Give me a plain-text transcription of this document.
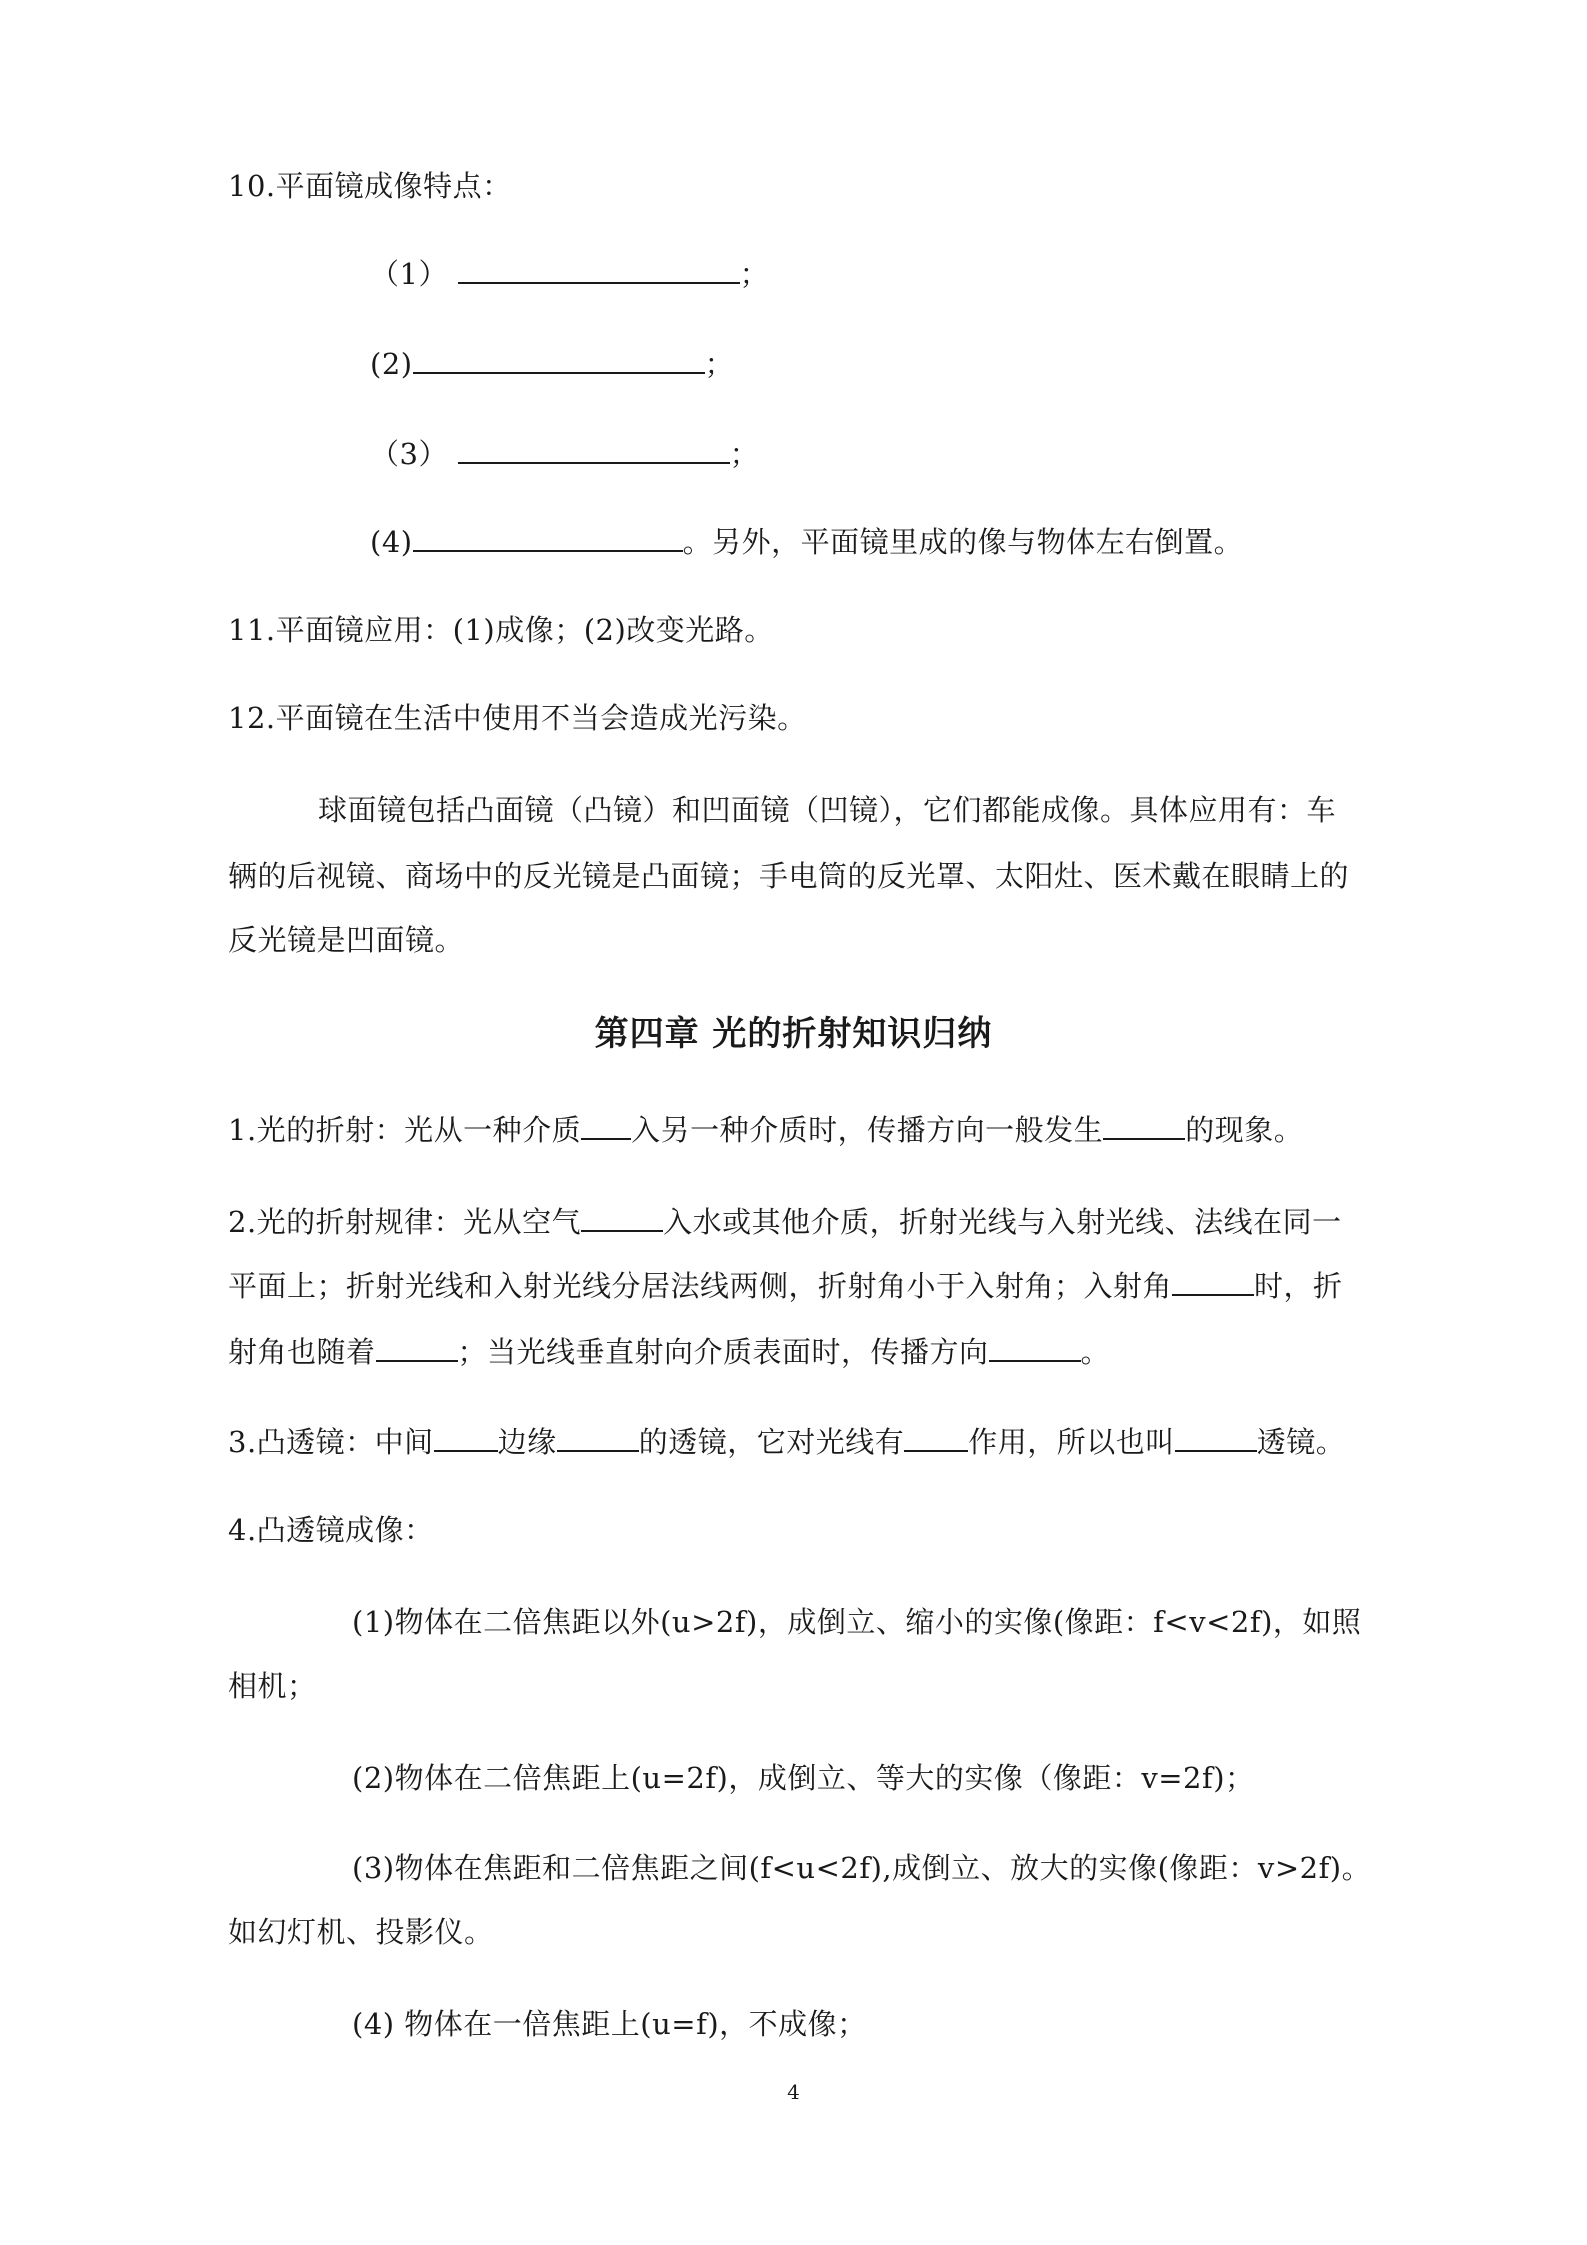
10.平面镜成像特点：
（1）	；
(2)	；
（3）	；
(4)	。另外，平面镜里成的像与物体左右倒置。
11.平面镜应用：(1)成像；(2)改变光路。
12.平面镜在生活中使用不当会造成光污染。
球面镜包括凸面镜（凸镜）和凹面镜（凹镜），它们都能成像。具体应用有：车
辆的后视镜、商场中的反光镜是凸面镜；手电筒的反光罩、太阳灶、医术戴在眼睛上的
反光镜是凹面镜。
第四章 光的折射知识归纳
1.光的折射：光从一种介质 入另一种介质时，传播方向一般发生	的现象。
2.光的折射规律：光从空气	入水或其他介质，折射光线与入射光线、法线在同一
平面上；折射光线和入射光线分居法线两侧，折射角小于入射角；入射角	时，折
射角也随着	；当光线垂直射向介质表面时，传播方向	。
3.凸透镜：中间 边缘	的透镜，它对光线有 作用，所以也叫	透镜。
4.凸透镜成像：
(1)物体在二倍焦距以外(u>2f)，成倒立、缩小的实像(像距：f<v<2f)，如照
相机；
(2)物体在二倍焦距上(u=2f)，成倒立、等大的实像（像距：v=2f)；
(3)物体在焦距和二倍焦距之间(f<u<2f),成倒立、放大的实像(像距：v>2f)。
如幻灯机、投影仪。
(4) 物体在一倍焦距上(u=f)，不成像；
4
